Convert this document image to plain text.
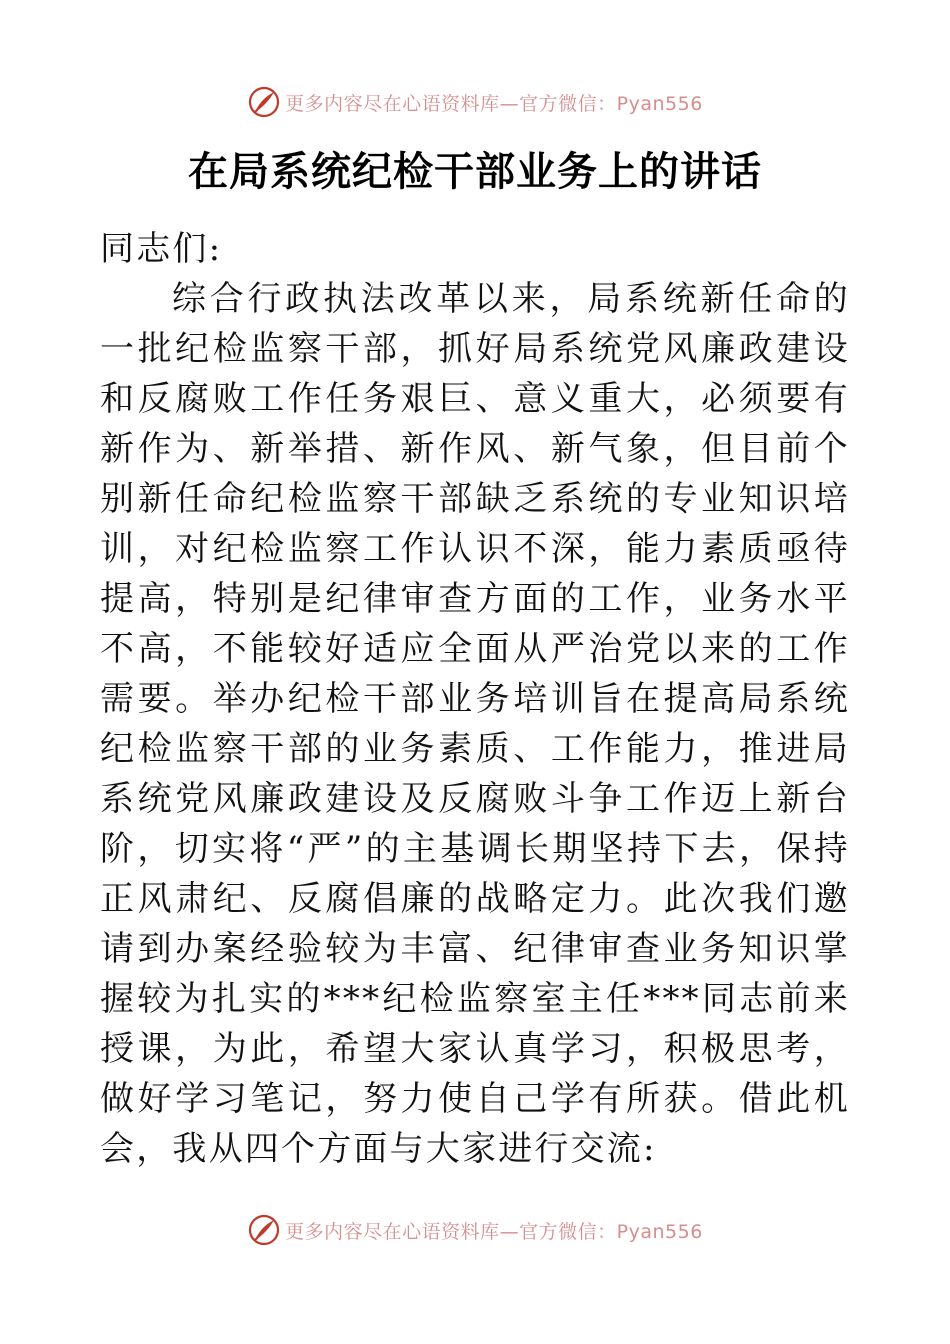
更多内容尽在心语资料库—官方微信：Pyan556
在局系统纪检干部业务上的讲话

同志们:

综合行政执法改革以来，局系统新任命的一批纪检监察干部，抓好局系统党风廉政建设和反腐败工作任务艰巨、意义重大，必须要有新作为、新举措、新作风、新气象，但目前个别新任命纪检监察干部缺乏系统的专业知识培训，对纪检监察工作认识不深，能力素质亟待提高，特别是纪律审查方面的工作，业务水平不高，不能较好适应全面从严治党以来的工作需要。举办纪检干部业务培训旨在提高局系统纪检监察干部的业务素质、工作能力，推进局系统党风廉政建设及反腐败斗争工作迈上新台阶，切实将“严”的主基调长期坚持下去，保持正风肃纪、反腐倡廉的战略定力。此次我们邀请到办案经验较为丰富、纪律审查业务知识掌握较为扎实的***纪检监察室主任***同志前来授课，为此，希望大家认真学习，积极思考，做好学习笔记，努力使自己学有所获。借此机会，我从四个方面与大家进行交流:

更多内容尽在心语资料库—官方微信：Pyan556
